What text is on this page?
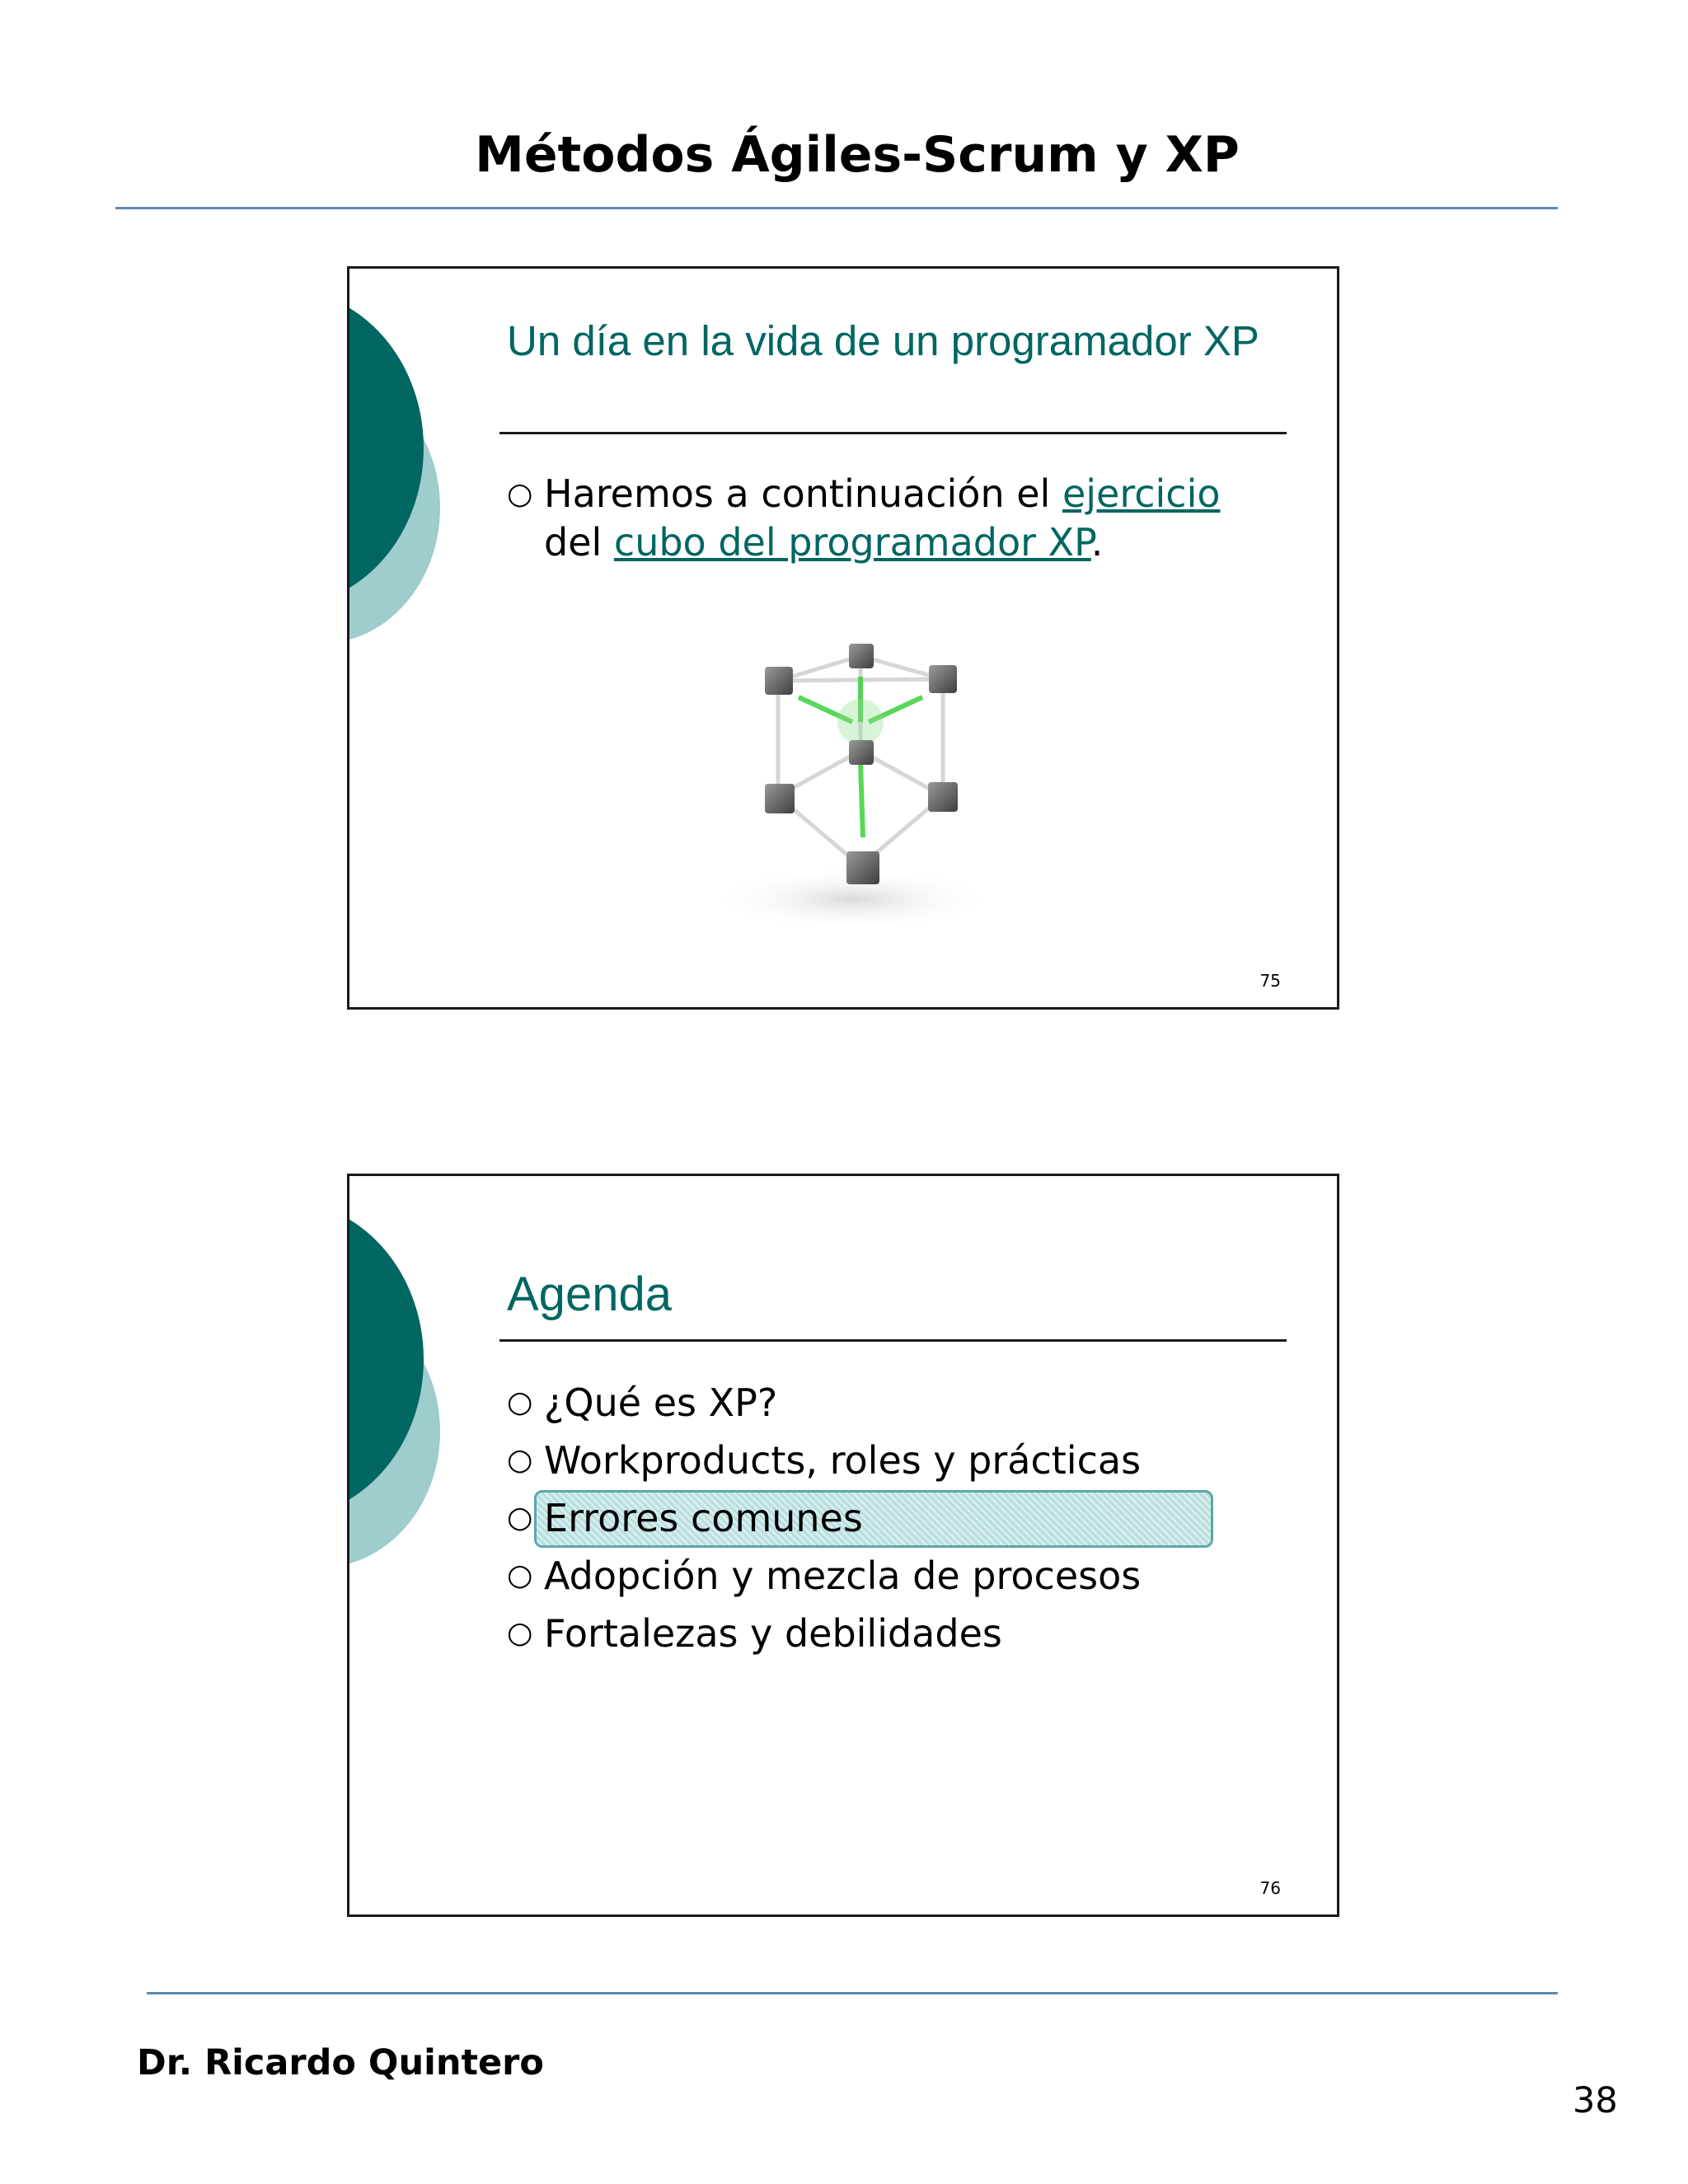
Métodos Ágiles-Scrum y XP
Un día en la vida de un programador XP
○ Haremos a continuación el ejercicio del cubo del programador XP.
75
Agenda
○ ¿Qué es XP?
○ Workproducts, roles y prácticas
○ Errores comunes
○ Adopción y mezcla de procesos
○ Fortalezas y debilidades
76
Dr. Ricardo Quintero
38
